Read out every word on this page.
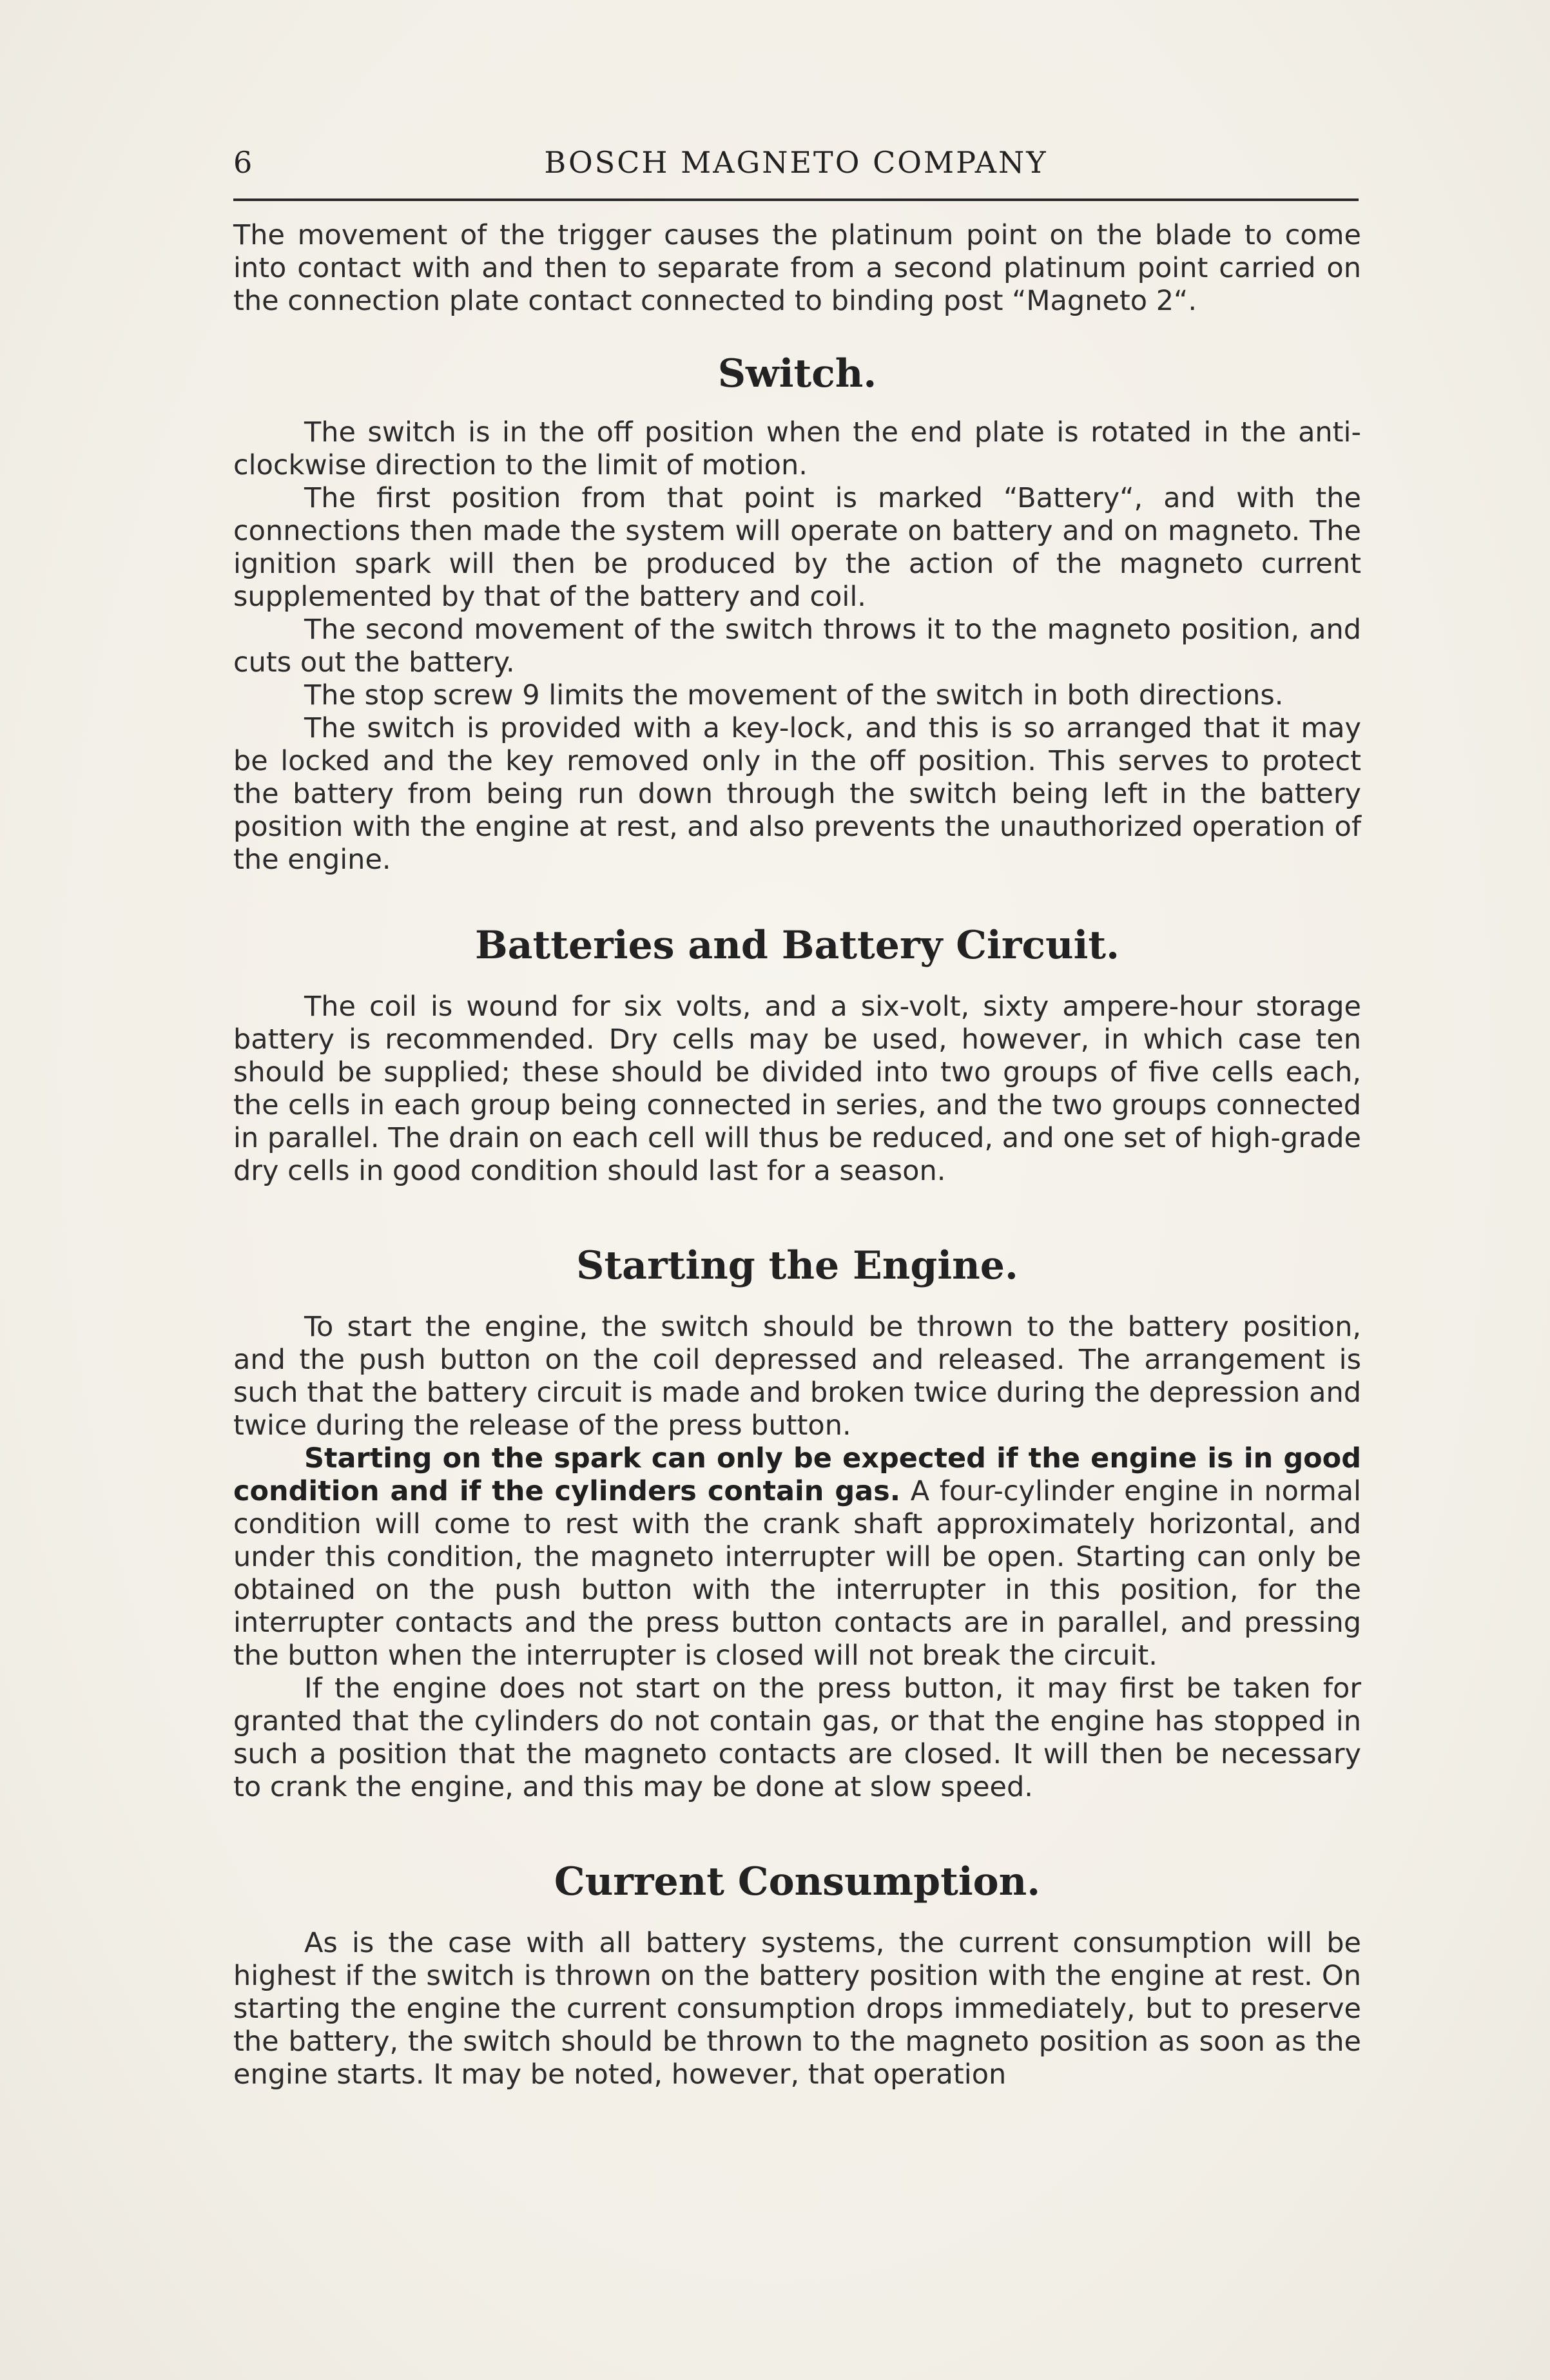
6	BOSCH MAGNETO COMPANY

The movement of the trigger causes the platinum point on the blade to come into contact with and then to separate from a second platinum point carried on the connection plate contact connected to binding post “Magneto 2“.

Switch.

The switch is in the off position when the end plate is rotated in the anti-clockwise direction to the limit of motion.

The first position from that point is marked “Battery“, and with the connections then made the system will operate on battery and on magneto. The ignition spark will then be produced by the action of the magneto current supplemented by that of the battery and coil.

The second movement of the switch throws it to the magneto position, and cuts out the battery.

The stop screw 9 limits the movement of the switch in both directions.

The switch is provided with a key-lock, and this is so arranged that it may be locked and the key removed only in the off position. This serves to protect the battery from being run down through the switch being left in the battery position with the engine at rest, and also prevents the unauthorized operation of the engine.

Batteries and Battery Circuit.

The coil is wound for six volts, and a six-volt, sixty ampere-hour storage battery is recommended. Dry cells may be used, however, in which case ten should be supplied; these should be divided into two groups of five cells each, the cells in each group being connected in series, and the two groups connected in parallel. The drain on each cell will thus be reduced, and one set of high-grade dry cells in good condition should last for a season.

Starting the Engine.

To start the engine, the switch should be thrown to the battery position, and the push button on the coil depressed and released. The arrangement is such that the battery circuit is made and broken twice during the depression and twice during the release of the press button.

Starting on the spark can only be expected if the engine is in good condition and if the cylinders contain gas. A four-cylinder engine in normal condition will come to rest with the crank shaft approximately horizontal, and under this condition, the magneto interrupter will be open. Starting can only be obtained on the push button with the interrupter in this position, for the interrupter contacts and the press button contacts are in parallel, and pressing the button when the interrupter is closed will not break the circuit.

If the engine does not start on the press button, it may first be taken for granted that the cylinders do not contain gas, or that the engine has stopped in such a position that the magneto contacts are closed. It will then be necessary to crank the engine, and this may be done at slow speed.

Current Consumption.

As is the case with all battery systems, the current consumption will be highest if the switch is thrown on the battery position with the engine at rest. On starting the engine the current consumption drops immediately, but to preserve the battery, the switch should be thrown to the magneto position as soon as the engine starts. It may be noted, however, that operation
